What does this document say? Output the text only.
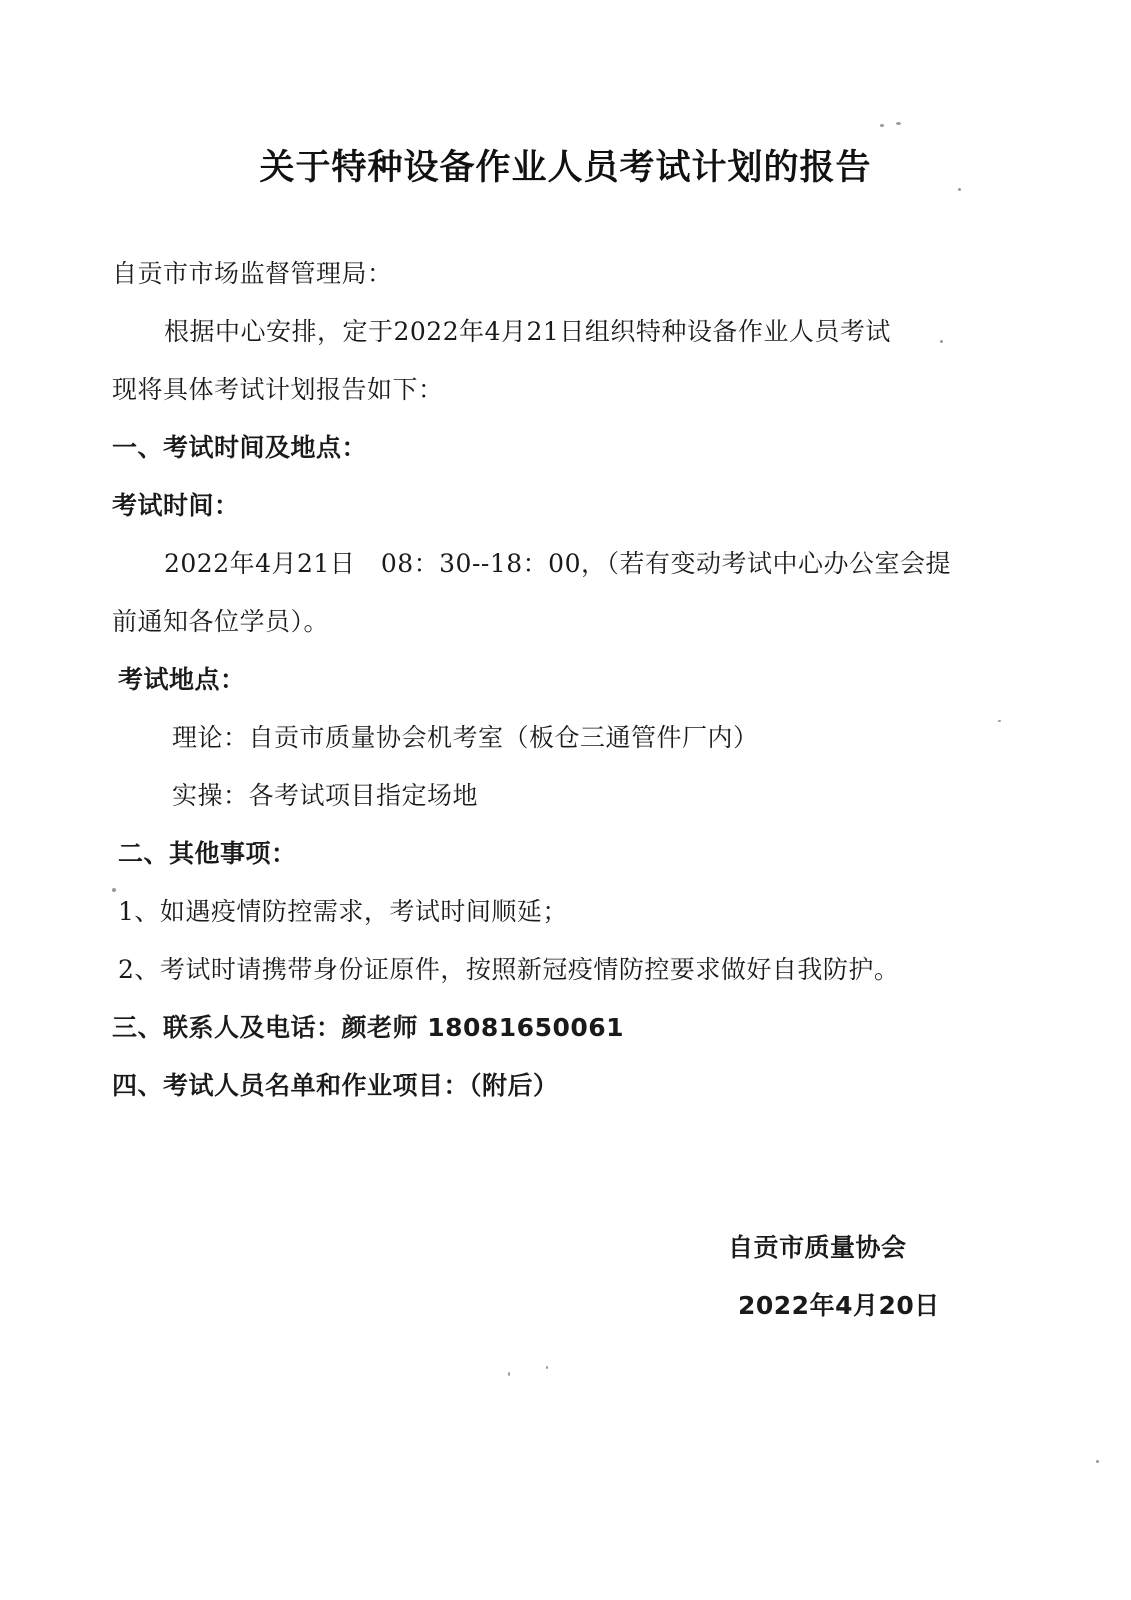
关于特种设备作业人员考试计划的报告
自贡市市场监督管理局：
根据中心安排，定于2022年4月21日组织特种设备作业人员考试
现将具体考试计划报告如下：
一、考试时间及地点：
考试时间：
2022年4月21日　08：30--18：00，（若有变动考试中心办公室会提
前通知各位学员）。
考试地点：
理论：自贡市质量协会机考室（板仓三通管件厂内）
实操：各考试项目指定场地
二、其他事项：
1、如遇疫情防控需求，考试时间顺延；
2、考试时请携带身份证原件，按照新冠疫情防控要求做好自我防护。
三、联系人及电话：颜老师 18081650061
四、考试人员名单和作业项目：（附后）
自贡市质量协会
2022年4月20日
